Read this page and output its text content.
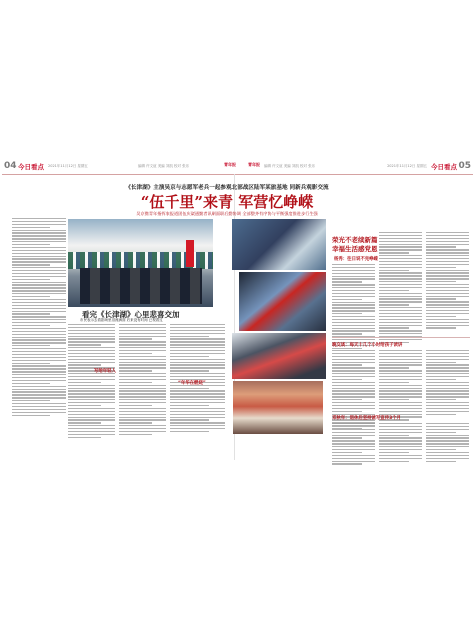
04 今日看点 2021年11月12日 星期五	编辑 许文谊 美编 刘凯 校对 张乐	青年报	青年报 编辑 许文谊 美编 刘凯 校对 张乐	2021年11月12日 星期五 今日看点 05
《长津湖》主演吴京与志愿军老兵一起参观北部战区陆军某旅基地 同新兵观影交流
“伍千里”来青 军营忆峥嵘
吴京携青年指挥家报道团伍庆崴通勤者讯刷面职后勤协调 全部整齐有序协与平衡强度推进步行生强
看完《长津湖》心里悲喜交加
市民表示去看剧场里泪流满面 后来没有时间 已观看过
写给年轻人
“年华在燃烧”
荣光不老续新篇
幸福生活感党恩
杨秀：往日说不完峥嵘
晚交谈：每天十几个小时给孩子读讲
邓秋年：退休后坚持读写宣传3个月
